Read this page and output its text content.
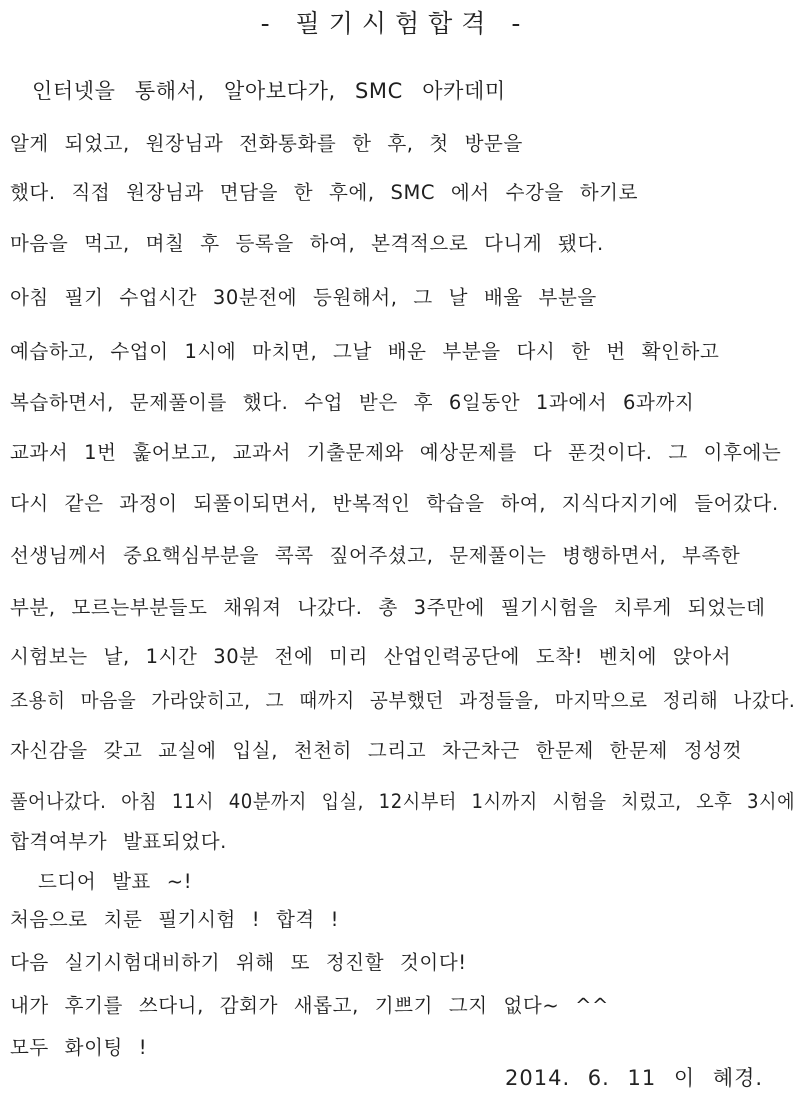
- 필기시험합격 -
인터넷을 통해서, 알아보다가, SMC 아카데미
알게 되었고, 원장님과 전화통화를 한 후, 첫 방문을
했다. 직접 원장님과 면담을 한 후에, SMC 에서 수강을 하기로
마음을 먹고, 며칠 후 등록을 하여, 본격적으로 다니게 됐다.
아침 필기 수업시간 30분전에 등원해서, 그 날 배울 부분을
예습하고, 수업이 1시에 마치면, 그날 배운 부분을 다시 한 번 확인하고
복습하면서, 문제풀이를 했다. 수업 받은 후 6일동안 1과에서 6과까지
교과서 1번 훑어보고, 교과서 기출문제와 예상문제를 다 푼것이다. 그 이후에는
다시 같은 과정이 되풀이되면서, 반복적인 학습을 하여, 지식다지기에 들어갔다.
선생님께서 중요핵심부분을 콕콕 짚어주셨고, 문제풀이는 병행하면서, 부족한
부분, 모르는부분들도 채워져 나갔다. 총 3주만에 필기시험을 치루게 되었는데
시험보는 날, 1시간 30분 전에 미리 산업인력공단에 도착! 벤치에 앉아서
조용히 마음을 가라앉히고, 그 때까지 공부했던 과정들을, 마지막으로 정리해 나갔다.
자신감을 갖고 교실에 입실, 천천히 그리고 차근차근 한문제 한문제 정성껏
풀어나갔다. 아침 11시 40분까지 입실, 12시부터 1시까지 시험을 치렀고, 오후 3시에
합격여부가 발표되었다.
드디어 발표 ~!
처음으로 치룬 필기시험 ! 합격 !
다음 실기시험대비하기 위해 또 정진할 것이다!
내가 후기를 쓰다니, 감회가 새롭고, 기쁘기 그지 없다~ ^^
모두 화이팅 !
2014. 6. 11 이 혜경.
